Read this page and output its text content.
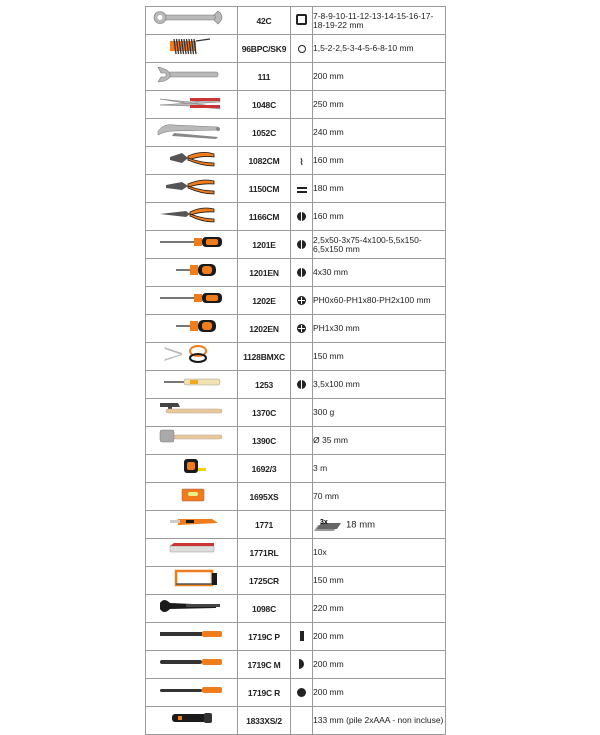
	42C		7-8-9-10-11-12-13-14-15-16-17-18-19-22 mm
	96BPC/SK9		1,5-2-2,5-3-4-5-6-8-10 mm
	111		200 mm
	1048C		250 mm
	1052C		240 mm
	1082CM	⌇	160 mm
	1150CM		180 mm
	1166CM		160 mm
	1201E		2,5x50-3x75-4x100-5,5x150-6,5x150 mm
	1201EN		4x30 mm
	1202E		PH0x60-PH1x80-PH2x100 mm
	1202EN		PH1x30 mm
	1128BMXC		150 mm
	1253		3,5x100 mm
	1370C		300 g
	1390C		Ø 35 mm
	1692/3		3 m
	1695XS		70 mm
	1771		3x 18 mm
	1771RL		10x
	1725CR		150 mm
	1098C		220 mm
	1719C P		200 mm
	1719C M		200 mm
	1719C R		200 mm
	1833XS/2		133 mm (pile 2xAAA - non incluse)
